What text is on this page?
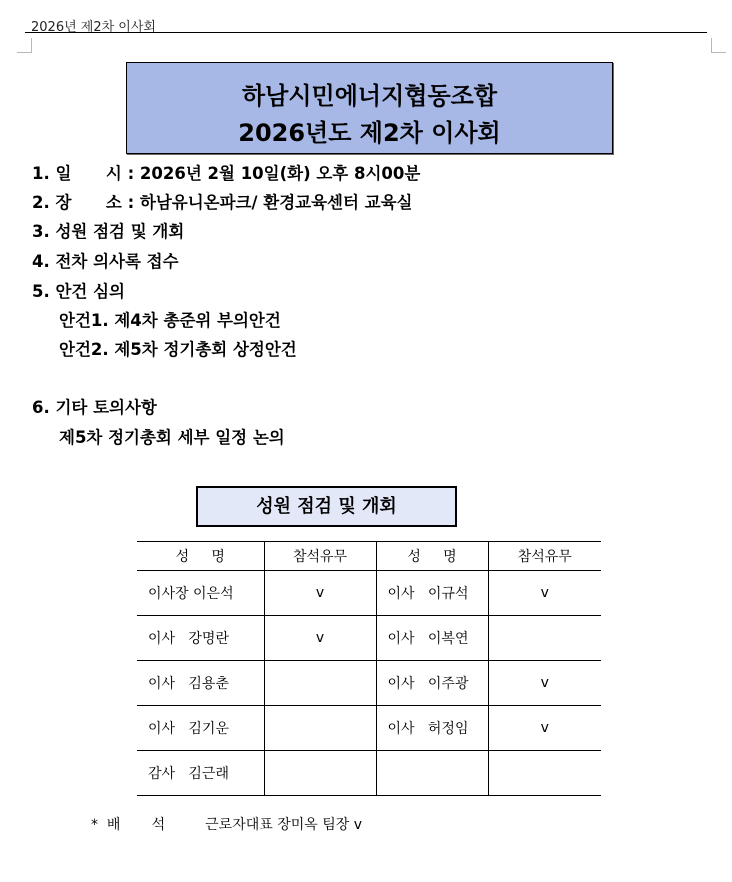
2026년 제2차 이사회
하남시민에너지협동조합
2026년도 제2차 이사회
1. 일      시 : 2026년 2월 10일(화) 오후 8시00분
2. 장      소 : 하남유니온파크/ 환경교육센터 교육실
3. 성원 점검 및 개회
4. 전차 의사록 접수
5. 안건 심의
안건1. 제4차 총준위 부의안건
안건2. 제5차 정기총회 상정안건
6. 기타 토의사항
제5차 정기총회 세부 일정 논의
성원 점검 및 개회
성     명	참석유무	성     명	참석유무
이사장 이은석	v	이사   이규석	v
이사   강명란	v	이사   이복연	
이사   김용춘		이사   이주광	v
이사   김기운		이사   허정임	v
감사   김근래			
*  배       석         근로자대표 장미옥 팀장 v
